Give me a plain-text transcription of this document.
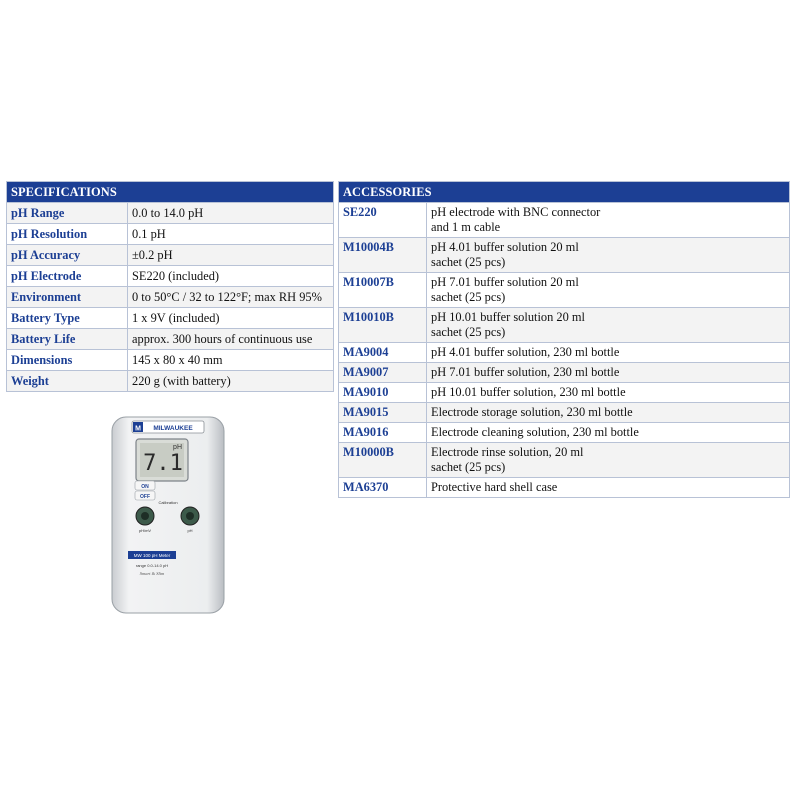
SPECIFICATIONS	
pH Range	0.0 to 14.0 pH
pH Resolution	0.1 pH
pH Accuracy	±0.2 pH
pH Electrode	SE220 (included)
Environment	0 to 50°C / 32 to 122°F; max RH 95%
Battery Type	1 x 9V (included)
Battery Life	approx. 300 hours of continuous use
Dimensions	145 x 80 x 40 mm
Weight	220 g (with battery)
ACCESSORIES	
SE220	pH electrode with BNC connector
and 1 m cable

M10004B	pH 4.01 buffer solution 20 ml
sachet (25 pcs)

M10007B	pH 7.01 buffer solution 20 ml
sachet (25 pcs)

M10010B	pH 10.01 buffer solution 20 ml
sachet (25 pcs)

MA9004	pH 4.01 buffer solution, 230 ml bottle

MA9007	pH 7.01 buffer solution, 230 ml bottle

MA9010	pH 10.01 buffer solution, 230 ml bottle

MA9015	Electrode storage solution, 230 ml bottle

MA9016	Electrode cleaning solution, 230 ml bottle

M10000B	Electrode rinse solution, 20 ml
sachet (25 pcs)

MA6370	Protective hard shell case
M MILWAUKEE
7.1
pH
ON
OFF
Calibration
pH/mV	pH
MW 100 pH Meter
range 0.0-14.0 pH
Smart & Slim
